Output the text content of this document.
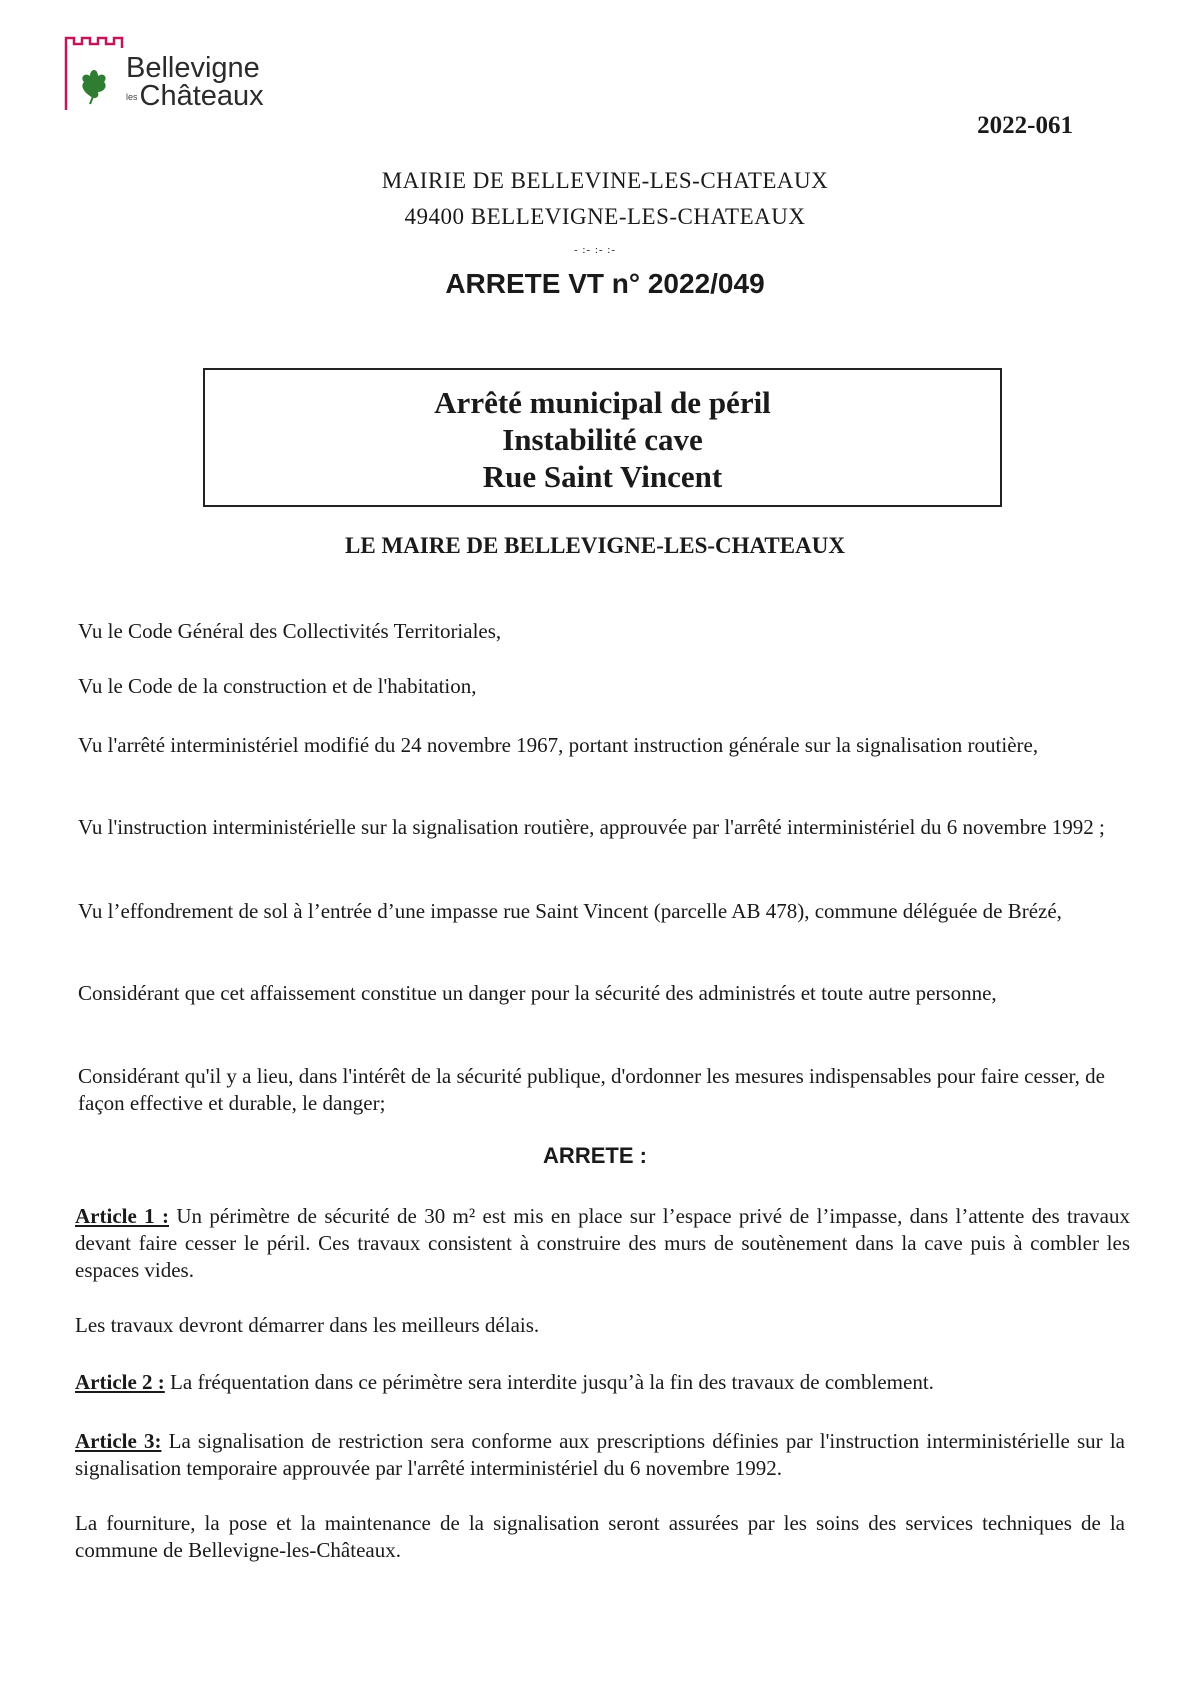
Bellevigne
lesChâteaux
2022-061
MAIRIE DE BELLEVINE-LES-CHATEAUX
49400 BELLEVIGNE-LES-CHATEAUX
- :- :- :-
ARRETE VT n° 2022/049
Arrêté municipal de péril
Instabilité cave
Rue Saint Vincent
LE MAIRE DE BELLEVIGNE-LES-CHATEAUX
Vu le Code Général des Collectivités Territoriales,
Vu le Code de la construction et de l'habitation,
Vu l'arrêté interministériel modifié du 24 novembre 1967, portant instruction générale sur la signalisation routière,
Vu l'instruction interministérielle sur la signalisation routière, approuvée par l'arrêté interministériel du 6 novembre 1992 ;
Vu l’effondrement de sol à l’entrée d’une impasse rue Saint Vincent (parcelle AB 478), commune déléguée de Brézé,
Considérant que cet affaissement constitue un danger pour la sécurité des administrés et toute autre personne,
Considérant qu'il y a lieu, dans l'intérêt de la sécurité publique, d'ordonner les mesures indispensables pour faire cesser, de façon effective et durable, le danger;
ARRETE :
Article 1 : Un périmètre de sécurité de 30 m² est mis en place sur l’espace privé de l’impasse, dans l’attente des travaux devant faire cesser le péril. Ces travaux consistent à construire des murs de soutènement dans la cave puis à combler les espaces vides.
Les travaux devront démarrer dans les meilleurs délais.
Article 2 : La fréquentation dans ce périmètre sera interdite jusqu’à la fin des travaux de comblement.
Article 3: La signalisation de restriction sera conforme aux prescriptions définies par l'instruction interministérielle sur la signalisation temporaire approuvée par l'arrêté interministériel du 6 novembre 1992.
La fourniture, la pose et la maintenance de la signalisation seront assurées par les soins des services techniques de la commune de Bellevigne-les-Châteaux.
